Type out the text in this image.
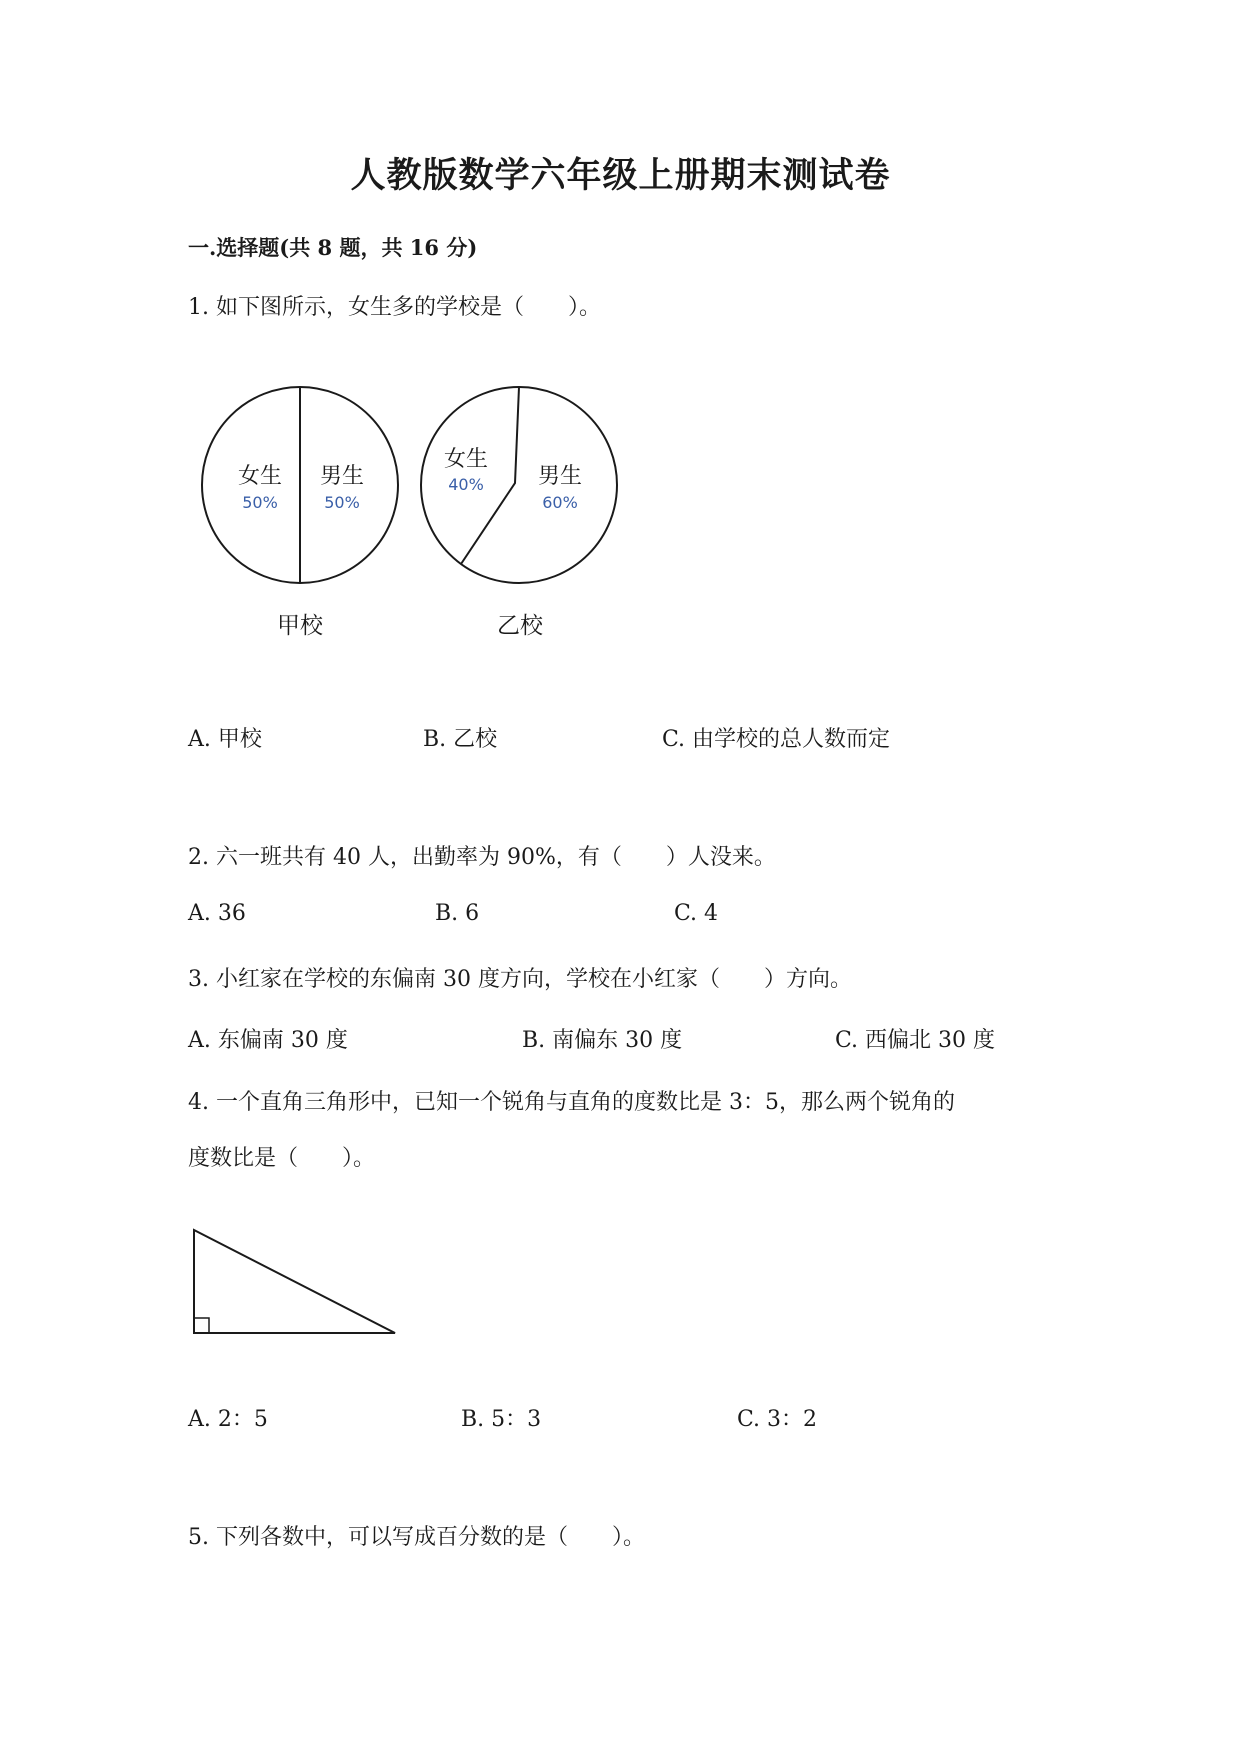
人教版数学六年级上册期末测试卷
一.选择题(共 8 题，共 16 分)
1. 如下图所示，女生多的学校是（　　）。
女生
50%
男生
50%
甲校
女生
40% 男生
60%
乙校
A. 甲校	B. 乙校	C. 由学校的总人数而定
2. 六一班共有 40 人，出勤率为 90%，有（　　）人没来。
A. 36	B. 6	C. 4
3. 小红家在学校的东偏南 30 度方向，学校在小红家（　　）方向。
A. 东偏南 30 度	B. 南偏东 30 度	C. 西偏北 30 度
4. 一个直角三角形中，已知一个锐角与直角的度数比是 3：5，那么两个锐角的
度数比是（　　）。
A. 2：5	B. 5：3	C. 3：2
5. 下列各数中，可以写成百分数的是（　　）。
